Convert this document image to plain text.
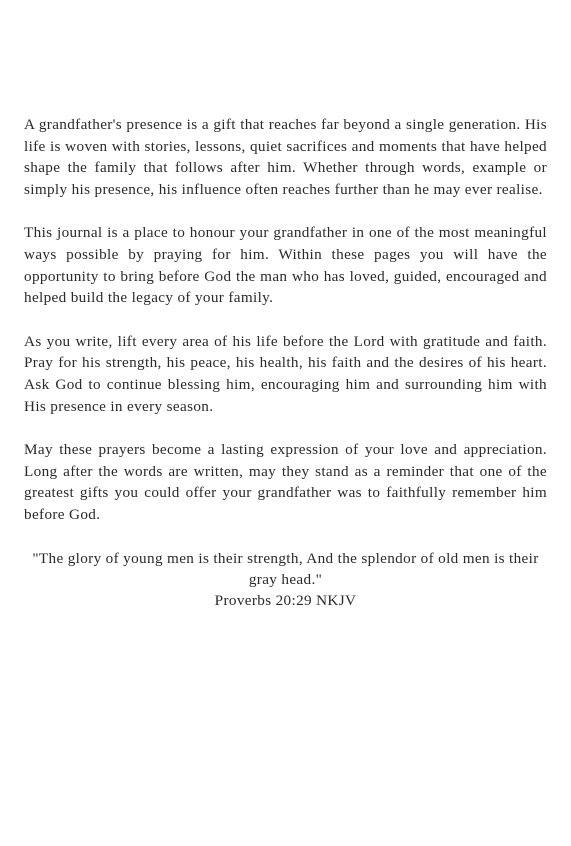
A grandfather's presence is a gift that reaches far beyond a single generation. His life is woven with stories, lessons, quiet sacrifices and moments that have helped shape the family that follows after him. Whether through words, example or simply his presence, his influence often reaches further than he may ever realise.

This journal is a place to honour your grandfather in one of the most meaningful ways possible by praying for him. Within these pages you will have the opportunity to bring before God the man who has loved, guided, encouraged and helped build the legacy of your family.

As you write, lift every area of his life before the Lord with gratitude and faith. Pray for his strength, his peace, his health, his faith and the desires of his heart. Ask God to continue blessing him, encouraging him and surrounding him with His presence in every season.

May these prayers become a lasting expression of your love and appreciation. Long after the words are written, may they stand as a reminder that one of the greatest gifts you could offer your grandfather was to faithfully remember him before God.

"The glory of young men is their strength, And the splendor of old men is their gray head."
Proverbs 20:29 NKJV
